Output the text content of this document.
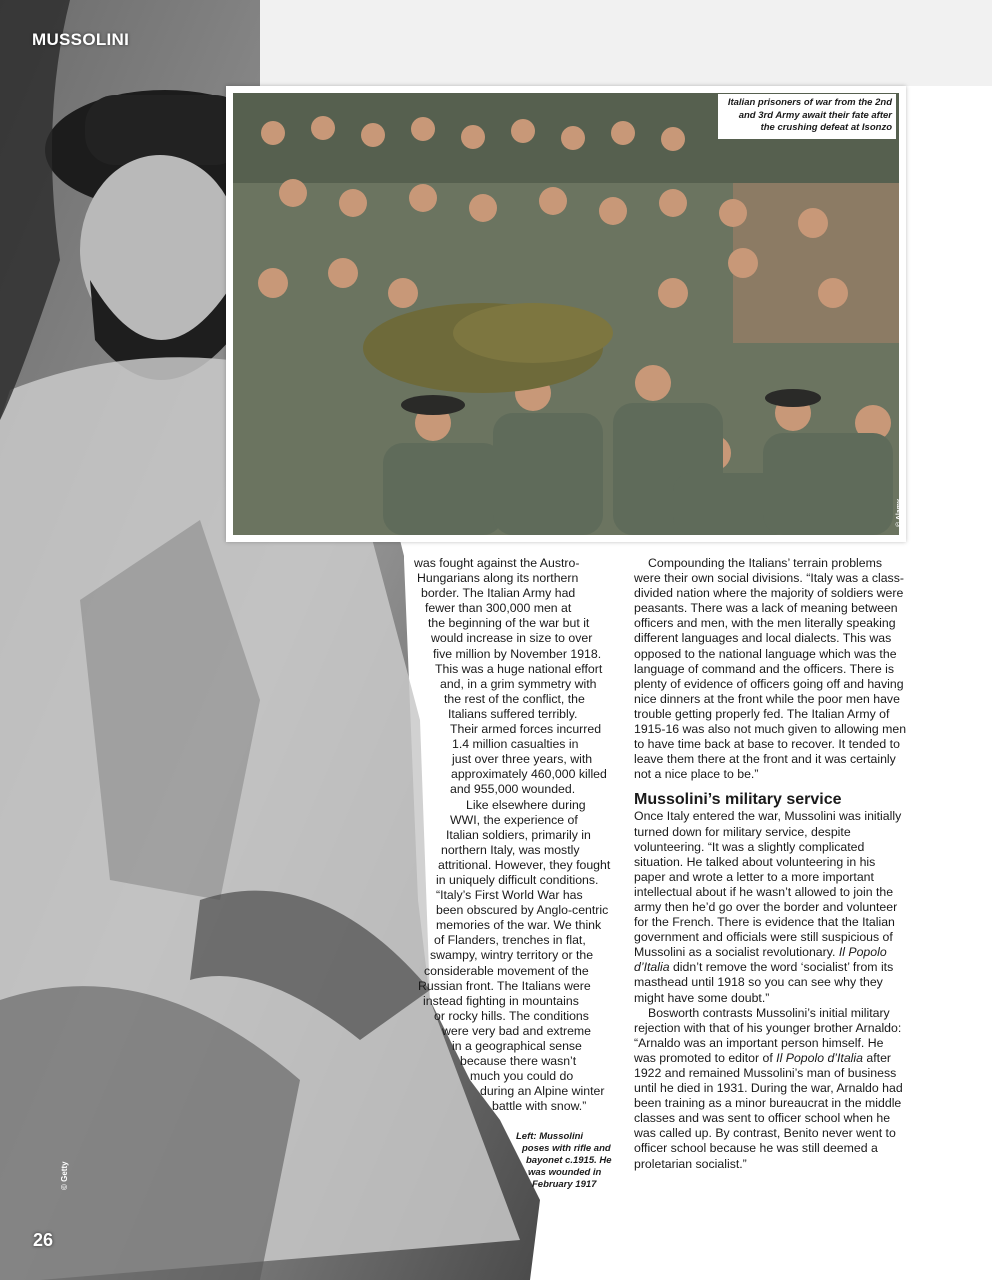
MUSSOLINI
26
© Getty
Italian prisoners of war from the 2nd and 3rd Army await their fate after the crushing defeat at Isonzo
© Alamy
was fought against the Austro-
Hungarians along its northern
border. The Italian Army had
fewer than 300,000 men at
the beginning of the war but it
would increase in size to over
five million by November 1918.
This was a huge national effort
and, in a grim symmetry with
the rest of the conflict, the
Italians suffered terribly.
Their armed forces incurred
1.4 million casualties in
just over three years, with
approximately 460,000 killed
and 955,000 wounded.
Like elsewhere during
WWI, the experience of
Italian soldiers, primarily in
northern Italy, was mostly
attritional. However, they fought
in uniquely difficult conditions.
“Italy’s First World War has
been obscured by Anglo-centric
memories of the war. We think
of Flanders, trenches in flat,
swampy, wintry territory or the
considerable movement of the
Russian front. The Italians were
instead fighting in mountains
or rocky hills. The conditions
were very bad and extreme
in a geographical sense
because there wasn’t
much you could do
during an Alpine winter
battle with snow.”
Left: Mussolini
poses with rifle and
bayonet c.1915. He
was wounded in
February 1917

Compounding the Italians’ terrain problems were their own social divisions. “Italy was a class-divided nation where the majority of soldiers were peasants. There was a lack of meaning between officers and men, with the men literally speaking different languages and local dialects. This was opposed to the national language which was the language of command and the officers. There is plenty of evidence of officers going off and having nice dinners at the front while the poor men have trouble getting properly fed. The Italian Army of 1915-16 was also not much given to allowing men to have time back at base to recover. It tended to leave them there at the front and it was certainly not a nice place to be.”

Mussolini’s military service

Once Italy entered the war, Mussolini was initially turned down for military service, despite volunteering. “It was a slightly complicated situation. He talked about volunteering in his paper and wrote a letter to a more important intellectual about if he wasn’t allowed to join the army then he’d go over the border and volunteer for the French. There is evidence that the Italian government and officials were still suspicious of Mussolini as a socialist revolutionary. Il Popolo d’Italia didn’t remove the word ‘socialist’ from its masthead until 1918 so you can see why they might have some doubt.”

Bosworth contrasts Mussolini’s initial military rejection with that of his younger brother Arnaldo: “Arnaldo was an important person himself. He was promoted to editor of Il Popolo d’Italia after 1922 and remained Mussolini’s man of business until he died in 1931. During the war, Arnaldo had been training as a minor bureaucrat in the middle classes and was sent to officer school when he was called up. By contrast, Benito never went to officer school because he was still deemed a proletarian socialist.”
